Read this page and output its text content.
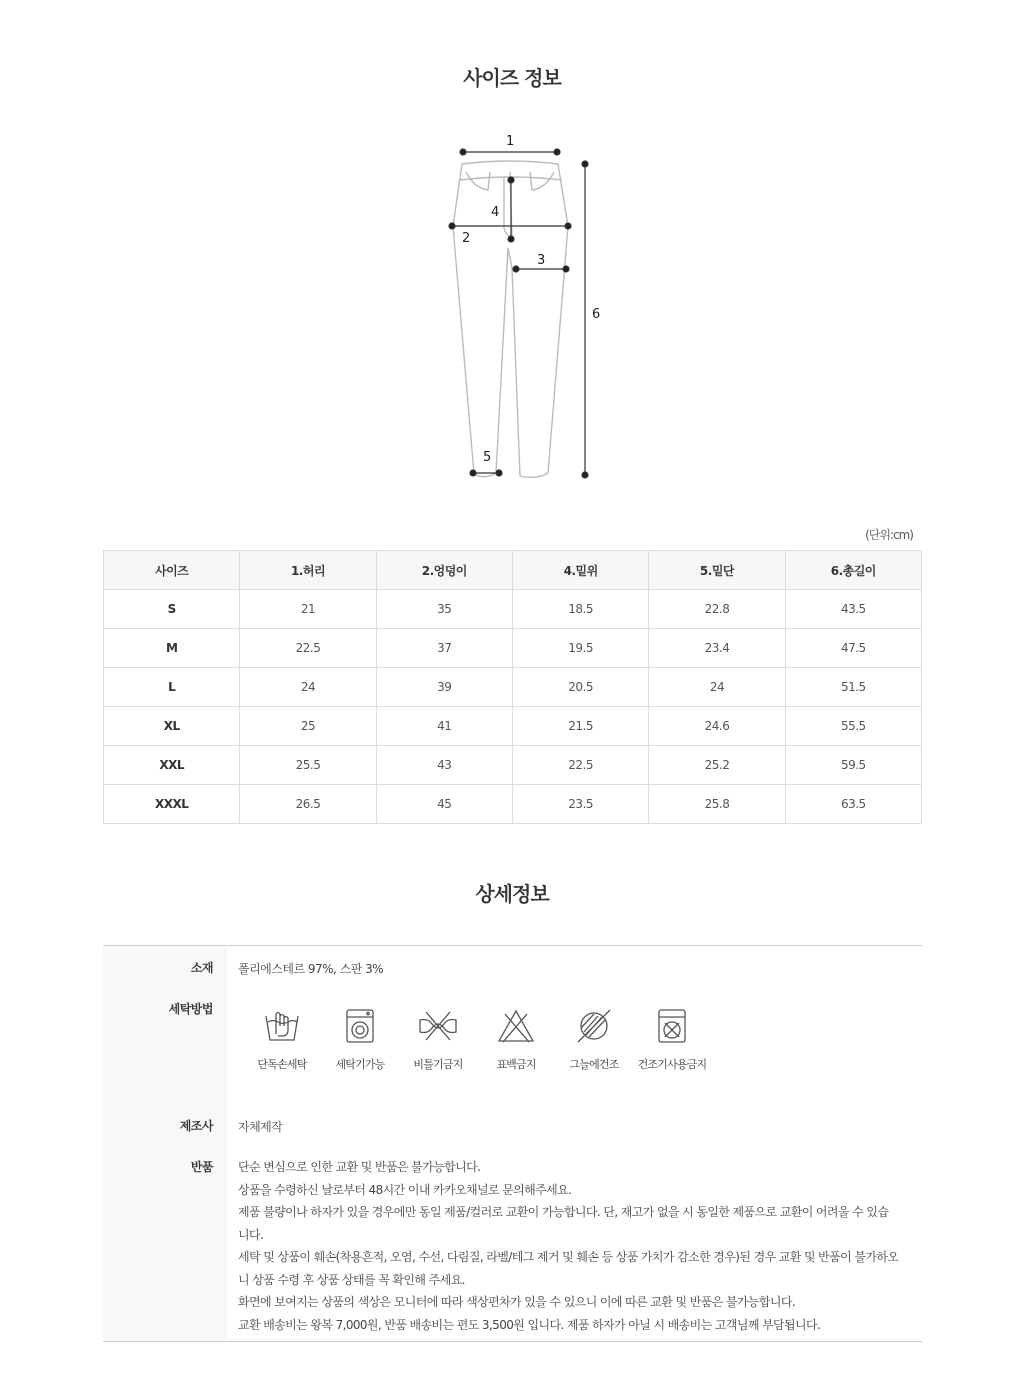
사이즈 정보
1
2
3
4
5
6
(단위:cm)
사이즈	1.허리	2.엉덩이	4.밑위	5.밑단	6.총길이
S	21	35	18.5	22.8	43.5
M	22.5	37	19.5	23.4	47.5
L	24	39	20.5	24	51.5
XL	25	41	21.5	24.6	55.5
XXL	25.5	43	22.5	25.2	59.5
XXXL	26.5	45	23.5	25.8	63.5
상세정보
소재 폴리에스테르 97%, 스판 3%
세탁방법
단독손세탁	세탁기가능	비틀기금지	표백금지	그늘에건조 건조기사용금지
제조사 자체제작
반품 단순 변심으로 인한 교환 및 반품은 불가능합니다.

상품을 수령하신 날로부터 48시간 이내 카카오채널로 문의해주세요.

제품 불량이나 하자가 있을 경우에만 동일 제품/컬러로 교환이 가능합니다. 단, 재고가 없을 시 동일한 제품으로 교환이 어려울 수 있습

니다.

세탁 및 상품이 훼손(착용흔적, 오염, 수선, 다림질, 라벨/테그 제거 및 훼손 등 상품 가치가 감소한 경우)된 경우 교환 및 반품이 불가하오

니 상품 수령 후 상품 상태를 꼭 확인해 주세요.

화면에 보여지는 상품의 색상은 모니터에 따라 색상편차가 있을 수 있으니 이에 따른 교환 및 반품은 불가능합니다.

교환 배송비는 왕복 7,000원, 반품 배송비는 편도 3,500원 입니다. 제품 하자가 아닐 시 배송비는 고객님께 부담됩니다.
